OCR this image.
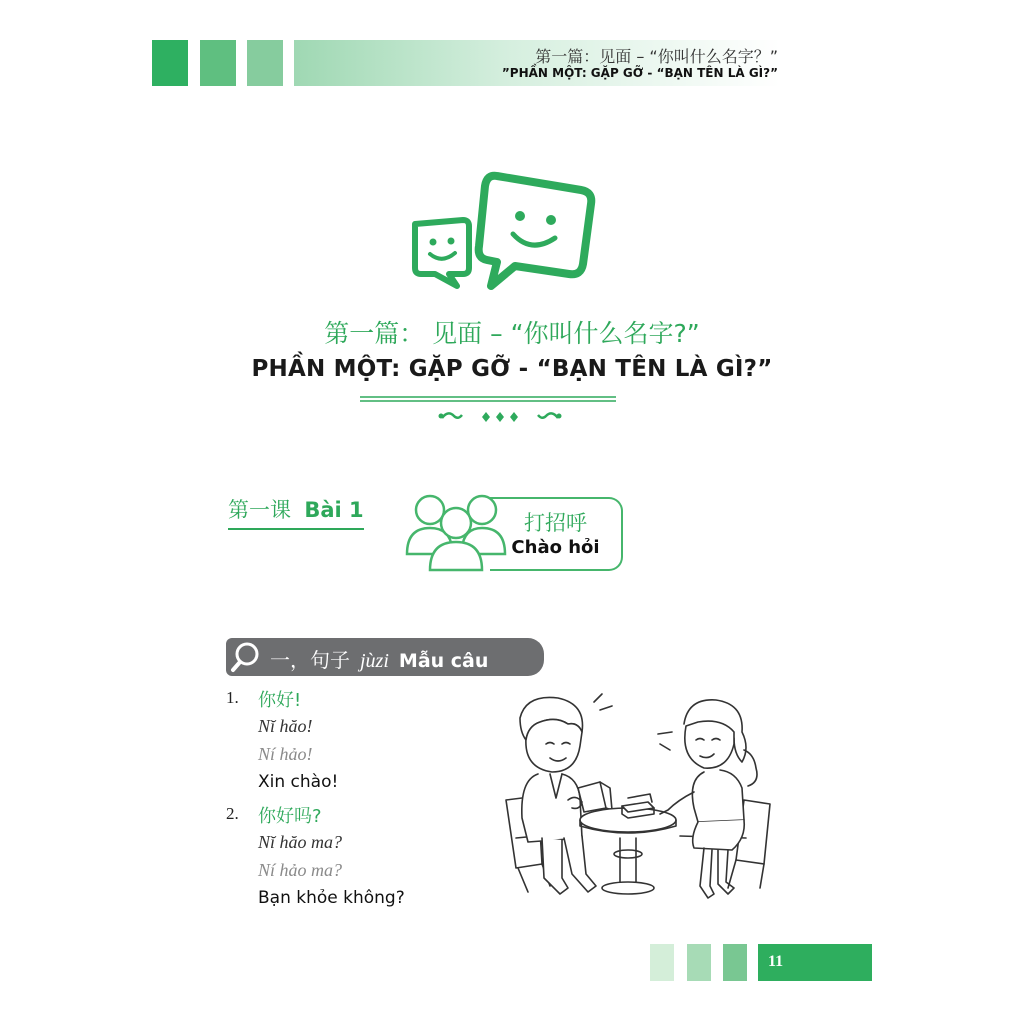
第一篇：见面 – “你叫什么名字？”
”PHẦN MỘT: GẶP GỠ - “BẠN TÊN LÀ GÌ?”
第一篇： 见面 – “你叫什么名字?”
PHẦN MỘT: GẶP GỠ - “BẠN TÊN LÀ GÌ?”
第一课 Bài 1
打招呼
Chào hỏi
一，句子 jùzi Mẫu câu
1. 你好!
Nĭ hăo!
Ní hảo!
Xin chào!
2. 你好吗?
Nĭ hăo ma?
Ní hảo ma?
Bạn khỏe không?
11
